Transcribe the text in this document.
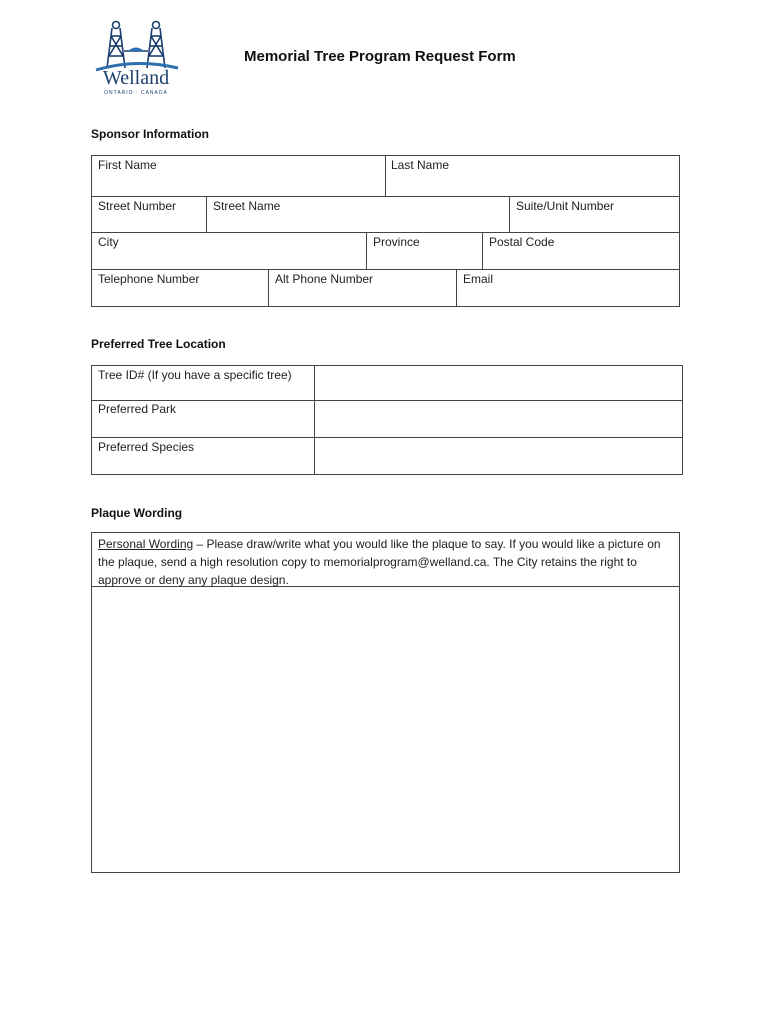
Welland
ONTARIO · CANADA
Memorial Tree Program Request Form
Sponsor Information
First Name	Last Name
Street Number	Street Name	Suite/Unit Number
City	Province	Postal Code
Telephone Number	Alt Phone Number	Email
Preferred Tree Location
Tree ID# (If you have a specific tree)
Preferred Park
Preferred Species
Plaque Wording
Personal Wording – Please draw/write what you would like the plaque to say. If you would like a picture on the plaque, send a high resolution copy to memorialprogram@welland.ca. The City retains the right to approve or deny any plaque design.
